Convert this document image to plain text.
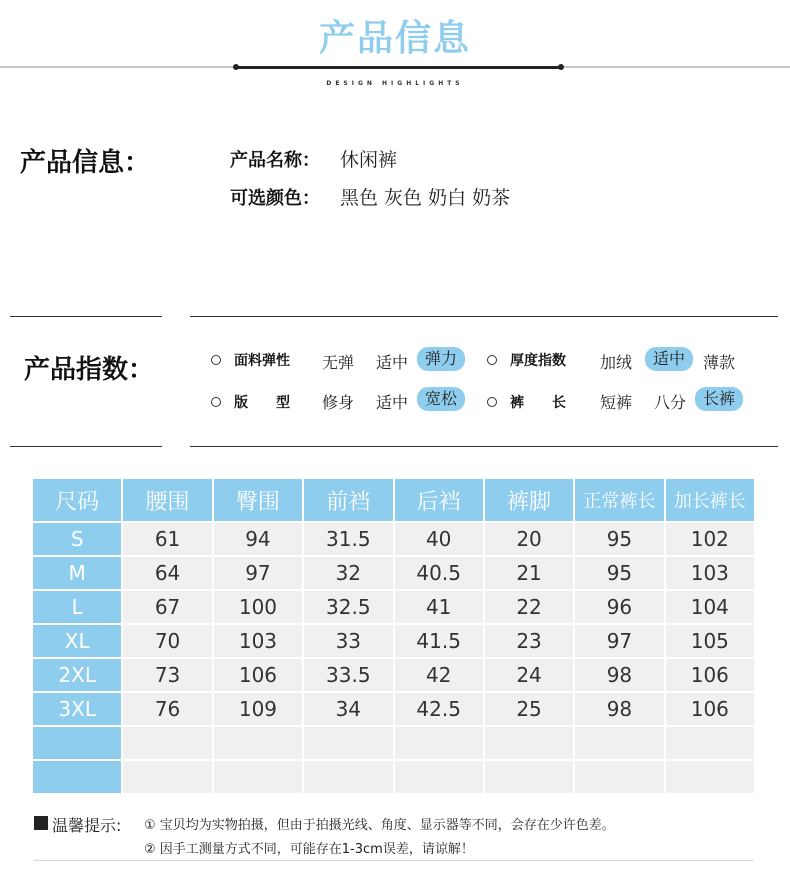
产品信息
DESIGN HIGHLIGHTS
产品信息：	产品名称： 休闲裤
可选颜色： 黑色 灰色 奶白 奶茶
产品指数：	面料弹性 无弹 适中	弹力	厚度指数 加绒	适中	薄款
版　　型 修身 适中	宽松	裤　　长 短裤 八分	长裤
尺码	腰围	臀围	前裆	后裆	裤脚	正常裤长	加长裤长
S	61	94	31.5	40	20	95	102
M	64	97	32	40.5	21	95	103
L	67	100	32.5	41	22	96	104
XL	70	103	33	41.5	23	97	105
2XL	73	106	33.5	42	24	98	106
3XL	76	109	34	42.5	25	98	106

温馨提示: ① 宝贝均为实物拍摄，但由于拍摄光线、角度、显示器等不同，会存在少许色差。
② 因手工测量方式不同，可能存在1-3cm误差，请谅解！
